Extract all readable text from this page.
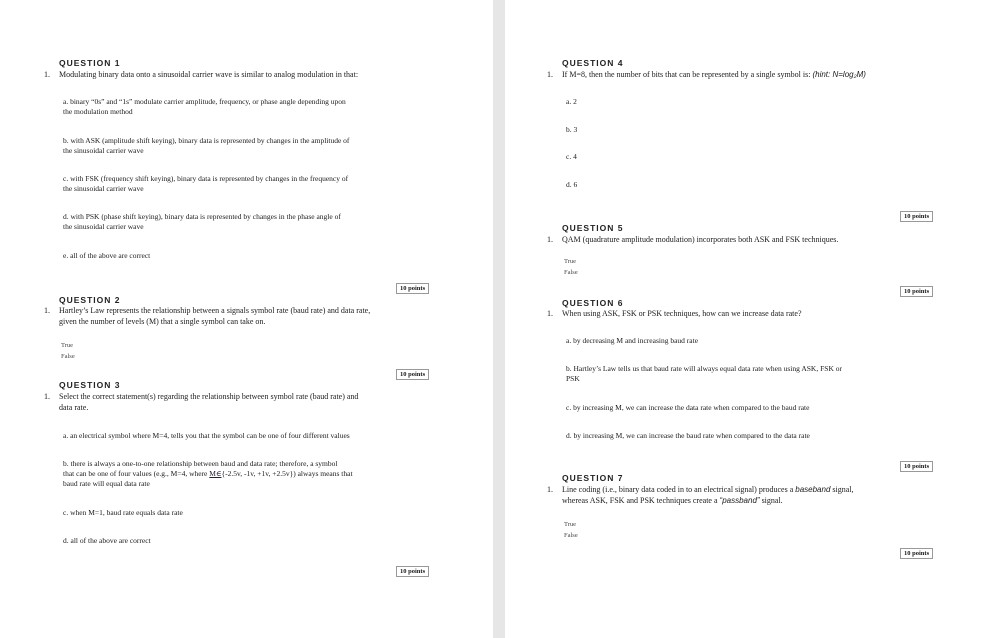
QUESTION 1
1. Modulating binary data onto a sinusoidal carrier wave is similar to analog modulation in that:
a. binary “0s” and “1s” modulate carrier amplitude, frequency, or phase angle depending upon
the modulation method
b. with ASK (amplitude shift keying), binary data is represented by changes in the amplitude of
the sinusoidal carrier wave
c. with FSK (frequency shift keying), binary data is represented by changes in the frequency of
the sinusoidal carrier wave
d. with PSK (phase shift keying), binary data is represented by changes in the phase angle of
the sinusoidal carrier wave
e. all of the above are correct
10 points
QUESTION 2
1. Hartley’s Law represents the relationship between a signals symbol rate (baud rate) and data rate,
given the number of levels (M) that a single symbol can take on.
True
False
10 points
QUESTION 3
1. Select the correct statement(s) regarding the relationship between symbol rate (baud rate) and
data rate.
a. an electrical symbol where M=4, tells you that the symbol can be one of four different values
b. there is always a one-to-one relationship between baud and data rate; therefore, a symbol
that can be one of four values (e.g., M=4, where M∈{-2.5v, -1v, +1v, +2.5v}) always means that
baud rate will equal data rate
c. when M=1, baud rate equals data rate
d. all of the above are correct
10 points
QUESTION 4
1. If M=8, then the number of bits that can be represented by a single symbol is: (hint: N=log₂M)
a. 2
b. 3
c. 4
d. 6
10 points
QUESTION 5
1. QAM (quadrature amplitude modulation) incorporates both ASK and FSK techniques.
True
False
10 points
QUESTION 6
1. When using ASK, FSK or PSK techniques, how can we increase data rate?
a. by decreasing M and increasing baud rate
b. Hartley’s Law tells us that baud rate will always equal data rate when using ASK, FSK or
PSK
c. by increasing M, we can increase the data rate when compared to the baud rate
d. by increasing M, we can increase the baud rate when compared to the data rate
10 points
QUESTION 7
1. Line coding (i.e., binary data coded in to an electrical signal) produces a baseband signal,
whereas ASK, FSK and PSK techniques create a “passband” signal.
True
False
10 points
